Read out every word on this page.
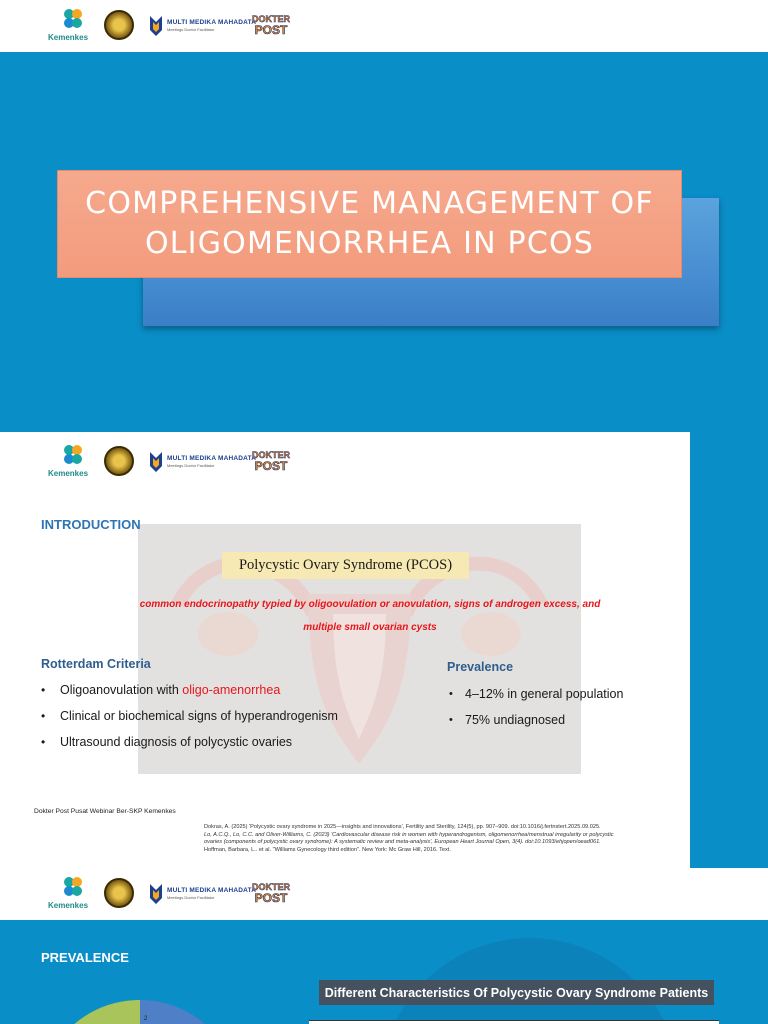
Kemenkes
MULTI MEDIKA MAHADATA
Meetings Doctor Facilitator
DOKTER
POST
COMPREHENSIVE MANAGEMENT OF
OLIGOMENORRHEA IN PCOS
Kemenkes
MULTI MEDIKA MAHADATA
Meetings Doctor Facilitator
DOKTER
POST
INTRODUCTION
Polycystic Ovary Syndrome (PCOS)
common endocrinopathy typied by oligoovulation or anovulation, signs of androgen excess, and
multiple small ovarian cysts
Rotterdam Criteria
• Oligoanovulation with oligo-amenorrhea
• Clinical or biochemical signs of hyperandrogenism
• Ultrasound diagnosis of polycystic ovaries
Prevalence
• 4–12% in general population
• 75% undiagnosed
Dokter Post Pusat Webinar Ber-SKP Kemenkes

Dokras, A. (2025) 'Polycystic ovary syndrome in 2025—insights and innovations', Fertility and Sterility, 124(5), pp. 907–909. doi:10.1016/j.fertnstert.2025.09.025.

Lo, A.C.Q., Lo, C.C. and Oliver-Williams, C. (2023) 'Cardiovascular disease risk in women with hyperandrogenism, oligomenorrhea/menstrual irregularity or polycystic

ovaries (components of polycystic ovary syndrome): A systematic review and meta-analysis', European Heart Journal Open, 3(4). doi:10.1093/ehjopen/oead061.

Hoffman, Barbara, L.. et al. "Williams Gynecology third edition". New York: Mc Graw Hill, 2016. Text.

Kemenkes
MULTI MEDIKA MAHADATA
Meetings Doctor Facilitator
DOKTER
POST
PREVALENCE
Different Characteristics Of Polycystic Ovary Syndrome Patients
2
